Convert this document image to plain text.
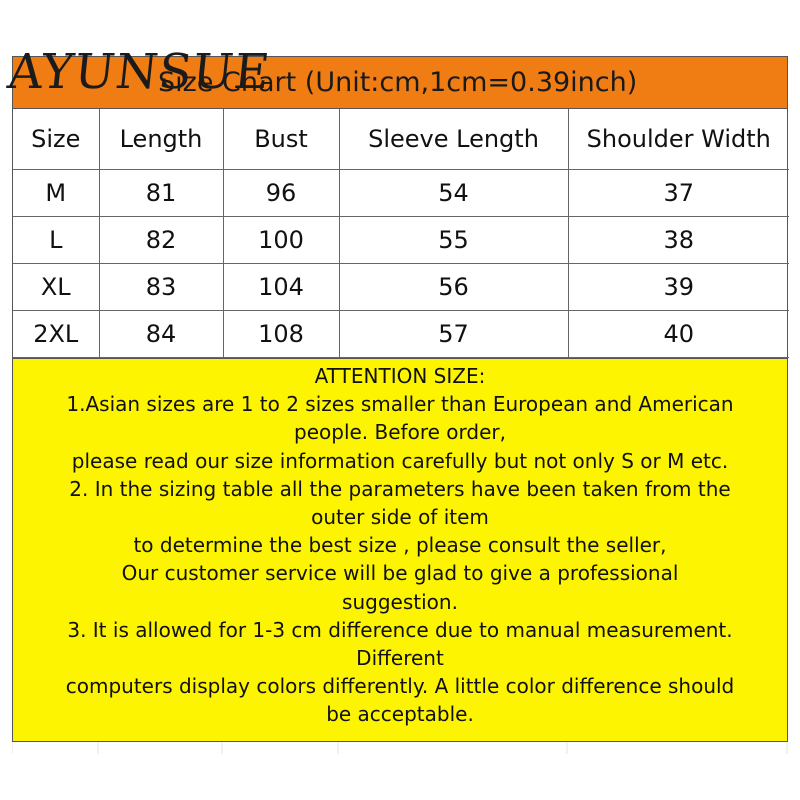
Size Chart (Unit:cm,1cm=0.39inch)
Size	Length	Bust	Sleeve Length	Shoulder Width
M	81	96	54	37
L	82	100	55	38
XL	83	104	56	39
2XL	84	108	57	40
ATTENTION SIZE:
1.Asian sizes are 1 to 2 sizes smaller than European and American
people. Before order,
please read our size information carefully but not only S or M etc.
2. In the sizing table all the parameters have been taken from the
outer side of item
to determine the best size , please consult the seller,
Our customer service will be glad to give a professional
suggestion.
3. It is allowed for 1-3 cm difference due to manual measurement.
Different
computers display colors differently. A little color difference should
be acceptable.
AYUNSUE
